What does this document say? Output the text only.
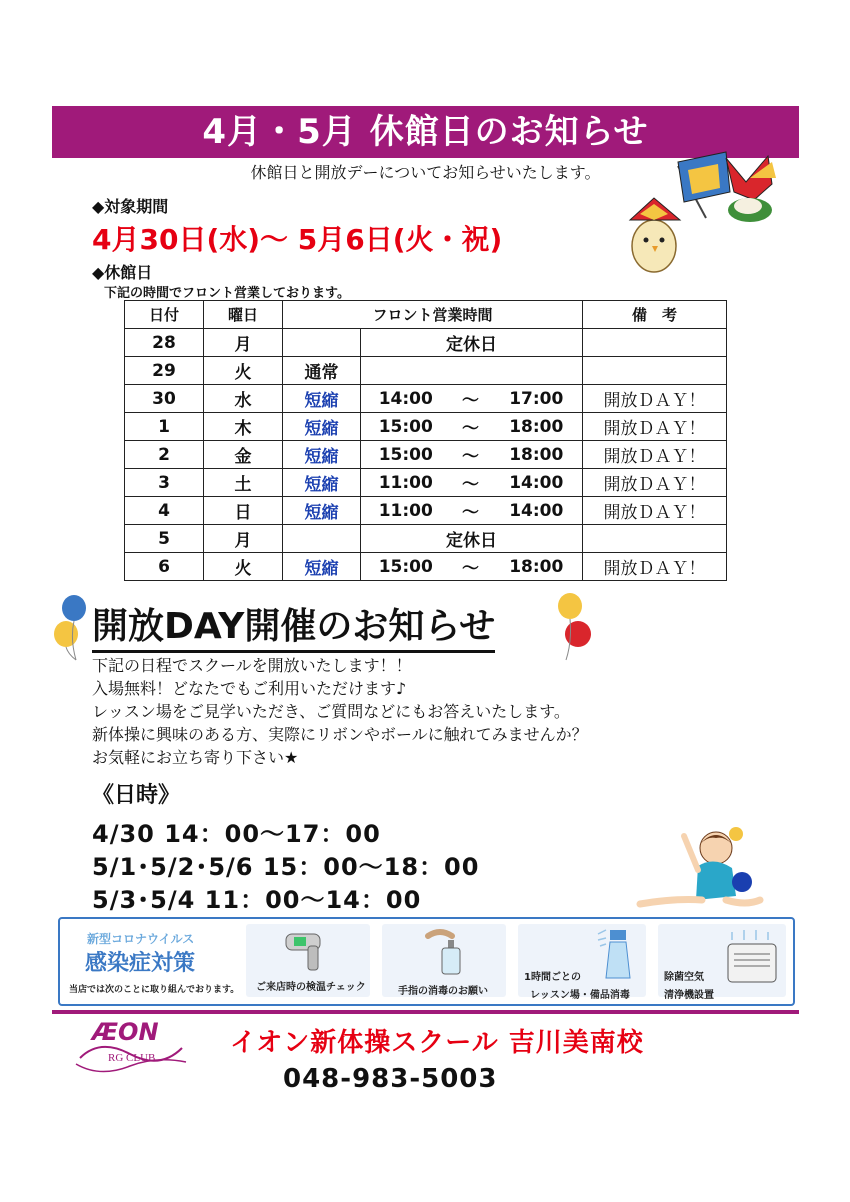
4月・5月 休館日のお知らせ
休館日と開放デーについてお知らせいたします。
◆対象期間
4月30日(水)～ 5月6日(火・祝)
◆休館日
下記の時間でフロント営業しております。
日付	曜日	フロント営業時間				備　考
28	月		定休日			
29	火	通常				
30	水	短縮	14:00	～	17:00	開放ＤＡＹ！
1	木	短縮	15:00	～	18:00	開放ＤＡＹ！
2	金	短縮	15:00	～	18:00	開放ＤＡＹ！
3	土	短縮	11:00	～	14:00	開放ＤＡＹ！
4	日	短縮	11:00	～	14:00	開放ＤＡＹ！
5	月		定休日			
6	火	短縮	15:00	～	18:00	開放ＤＡＹ！
開放DAY開催のお知らせ
下記の日程でスクールを開放いたします！！
入場無料！どなたでもご利用いただけます♪
レッスン場をご見学いただき、ご質問などにもお答えいたします。
新体操に興味のある方、実際にリボンやボールに触れてみませんか？
お気軽にお立ち寄り下さい★
《日時》
4/30 14：00～17：00
5/1･5/2･5/6 15：00～18：00
5/3･5/4 11：00～14：00
新型コロナウイルス
感染症対策
当店では次のことに取り組んでおります。 ご来店時の検温チェック	手指の消毒のお願い
1時間ごとの
レッスン場・備品消毒
除菌空気
清浄機設置
ÆON
RG CLUB	イオン新体操スクール 吉川美南校
048-983-5003
